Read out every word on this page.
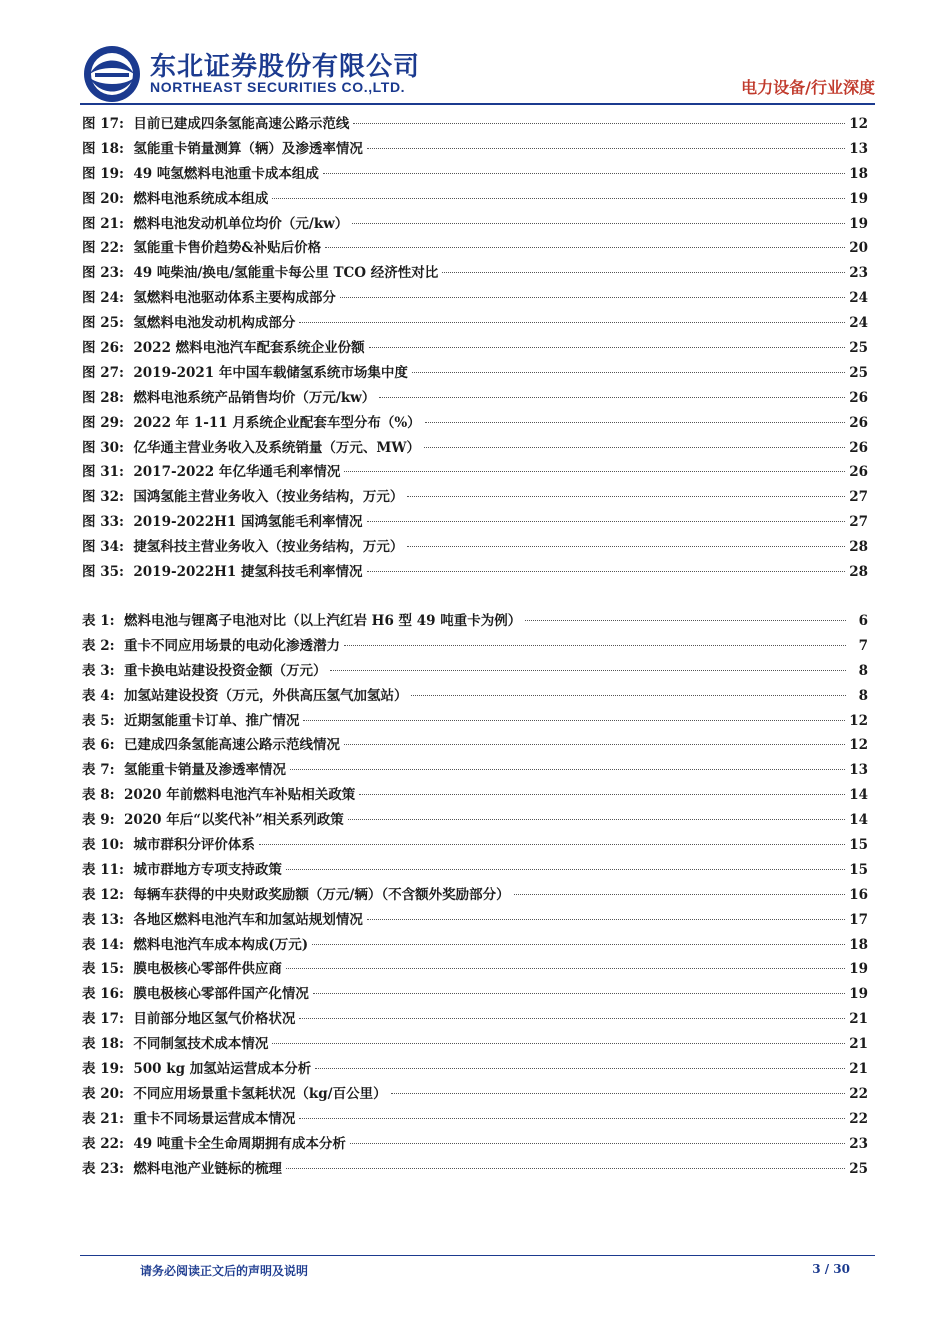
东北证券股份有限公司
NORTHEAST SECURITIES CO.,LTD.	电力设备/行业深度
图 17: 目前已建成四条氢能高速公路示范线	12
图 18: 氢能重卡销量测算（辆）及渗透率情况	13
图 19: 49 吨氢燃料电池重卡成本组成	18
图 20: 燃料电池系统成本组成	19
图 21: 燃料电池发动机单位均价（元/kw）	19
图 22: 氢能重卡售价趋势&补贴后价格	20
图 23: 49 吨柴油/换电/氢能重卡每公里 TCO 经济性对比	23
图 24: 氢燃料电池驱动体系主要构成部分	24
图 25: 氢燃料电池发动机构成部分	24
图 26: 2022 燃料电池汽车配套系统企业份额	25
图 27: 2019-2021 年中国车载储氢系统市场集中度	25
图 28: 燃料电池系统产品销售均价（万元/kw）	26
图 29: 2022 年 1-11 月系统企业配套车型分布（%）	26
图 30: 亿华通主营业务收入及系统销量（万元、MW）	26
图 31: 2017-2022 年亿华通毛利率情况	26
图 32: 国鸿氢能主营业务收入（按业务结构，万元）	27
图 33: 2019-2022H1 国鸿氢能毛利率情况	27
图 34: 捷氢科技主营业务收入（按业务结构，万元）	28
图 35: 2019-2022H1 捷氢科技毛利率情况	28
表 1: 燃料电池与锂离子电池对比（以上汽红岩 H6 型 49 吨重卡为例）	6
表 2: 重卡不同应用场景的电动化渗透潜力	7
表 3: 重卡换电站建设投资金额（万元）	8
表 4: 加氢站建设投资（万元，外供高压氢气加氢站）	8
表 5: 近期氢能重卡订单、推广情况	12
表 6: 已建成四条氢能高速公路示范线情况	12
表 7: 氢能重卡销量及渗透率情况	13
表 8: 2020 年前燃料电池汽车补贴相关政策	14
表 9: 2020 年后“以奖代补”相关系列政策	14
表 10: 城市群积分评价体系	15
表 11: 城市群地方专项支持政策	15
表 12: 每辆车获得的中央财政奖励额（万元/辆）（不含额外奖励部分）	16
表 13: 各地区燃料电池汽车和加氢站规划情况	17
表 14: 燃料电池汽车成本构成(万元)	18
表 15: 膜电极核心零部件供应商	19
表 16: 膜电极核心零部件国产化情况	19
表 17: 目前部分地区氢气价格状况	21
表 18: 不同制氢技术成本情况	21
表 19: 500 kg 加氢站运营成本分析	21
表 20: 不同应用场景重卡氢耗状况（kg/百公里）	22
表 21: 重卡不同场景运营成本情况	22
表 22: 49 吨重卡全生命周期拥有成本分析	23
表 23: 燃料电池产业链标的梳理	25
请务必阅读正文后的声明及说明	3 / 30
